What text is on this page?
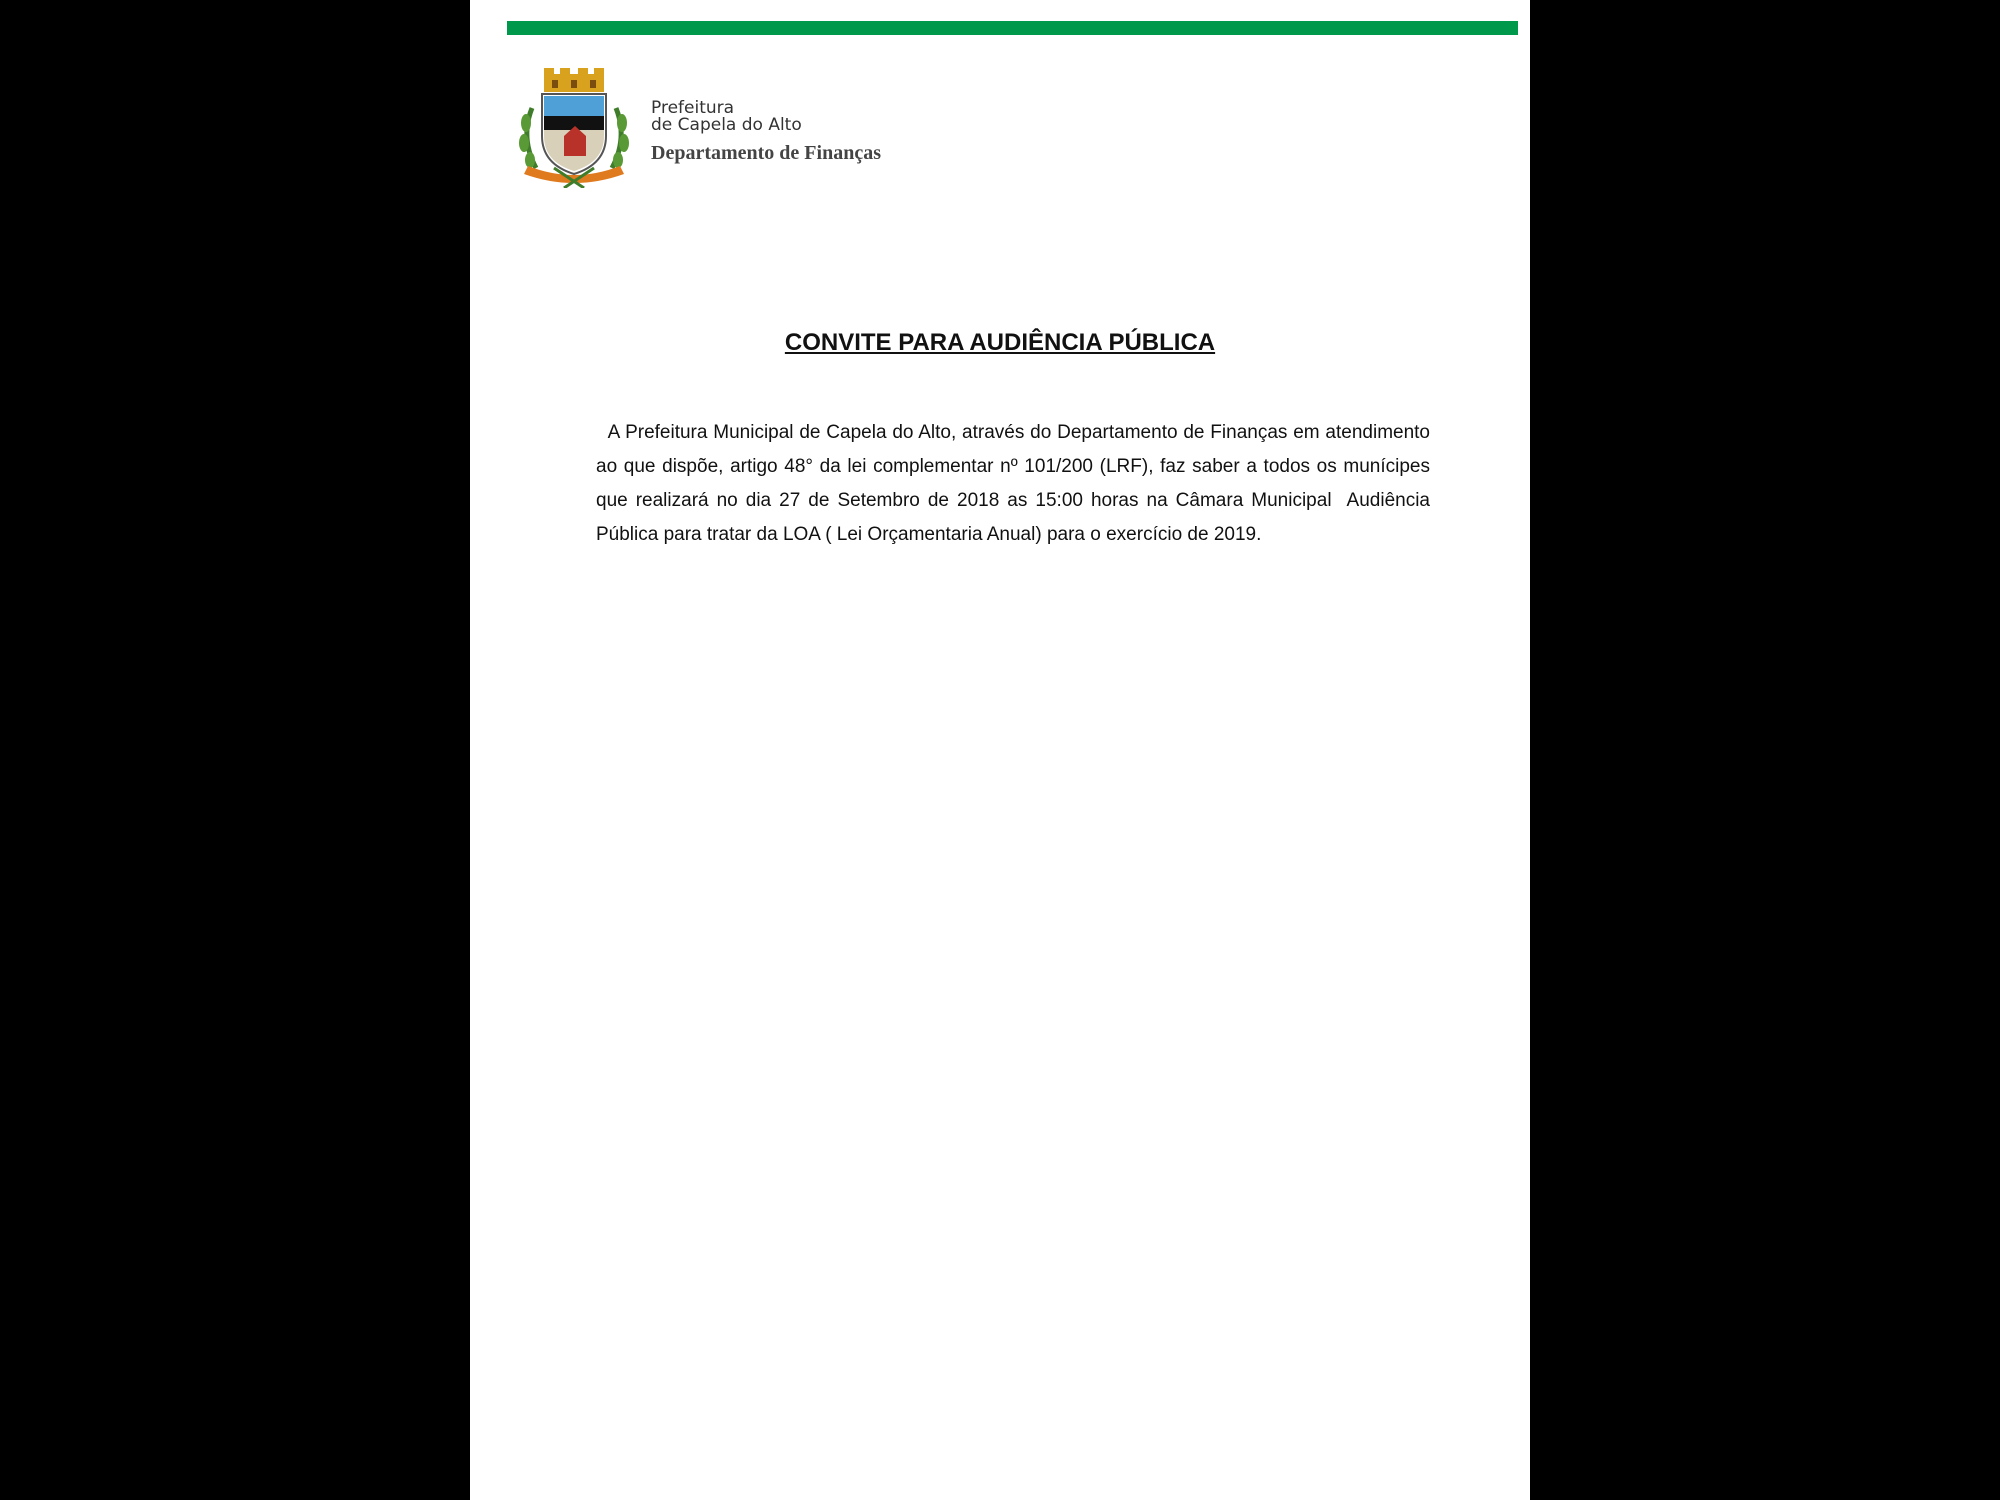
Prefeitura
de Capela do Alto
Departamento de Finanças
CONVITE PARA AUDIÊNCIA PÚBLICA

A Prefeitura Municipal de Capela do Alto, através do Departamento de Finanças em atendimento ao que dispõe, artigo 48° da lei complementar nº 101/200 (LRF), faz saber a todos os munícipes que realizará no dia 27 de Setembro de 2018 as 15:00 horas na Câmara Municipal  Audiência Pública para tratar da LOA ( Lei Orçamentaria Anual) para o exercício de 2019.
